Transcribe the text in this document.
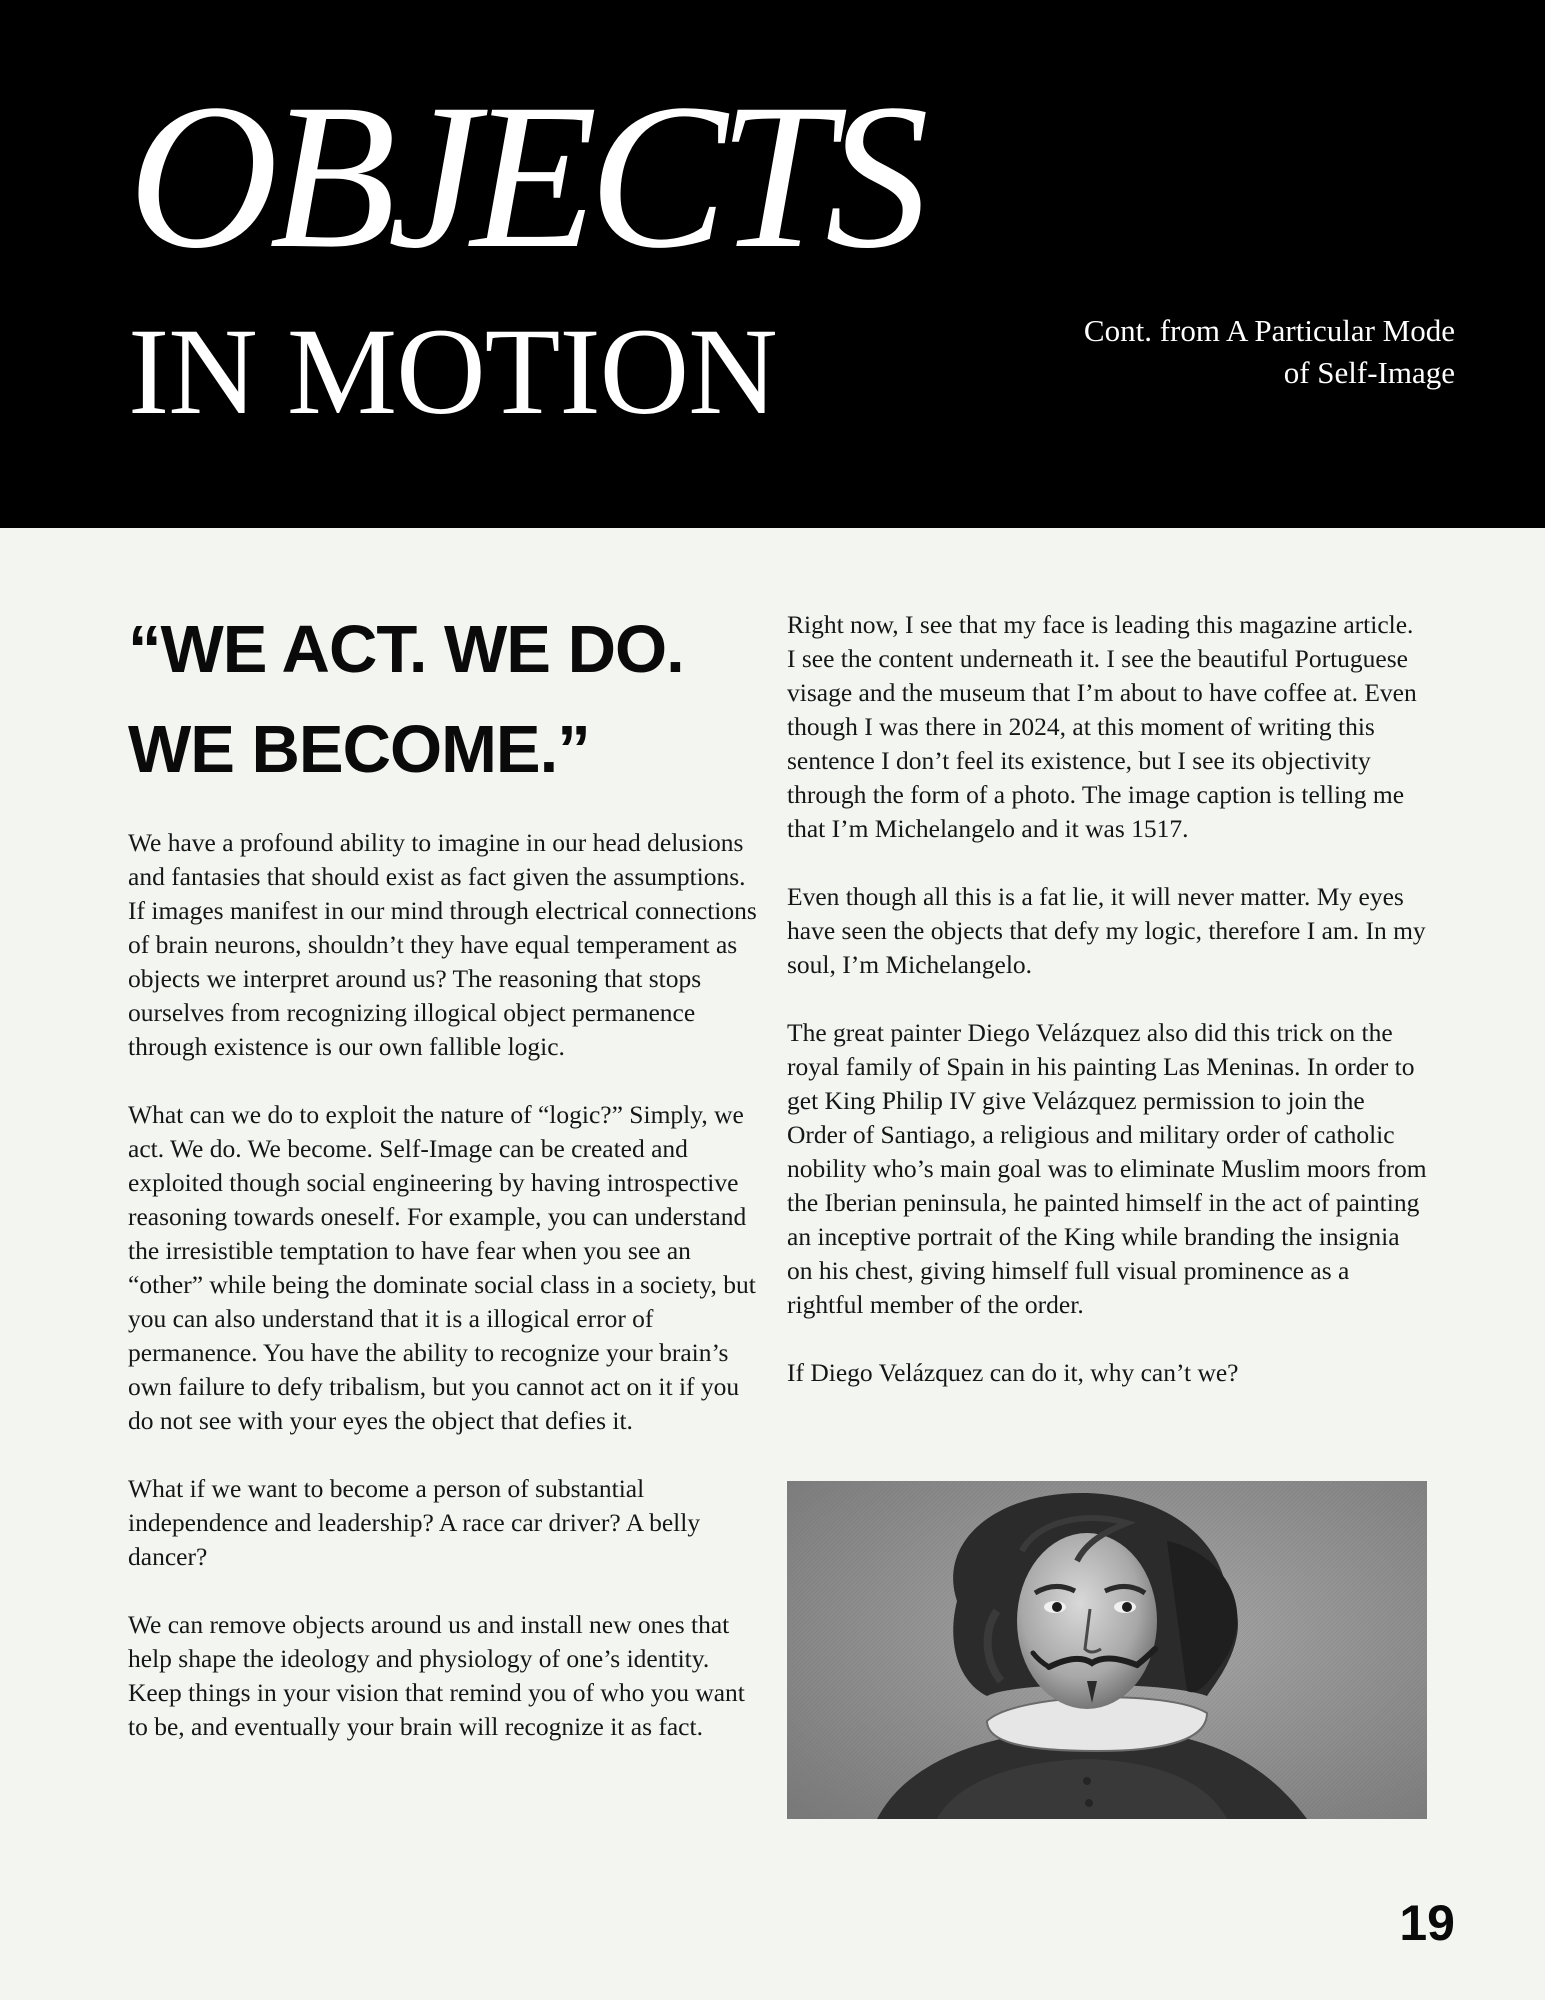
OBJECTS
IN MOTION	Cont. from A Particular Mode
of Self-Image
“WE ACT. WE DO.
WE BECOME.”

We have a profound ability to imagine in our head delusions and fantasies that should exist as fact given the assumptions. If images manifest in our mind through electrical connections of brain neurons, shouldn’t they have equal temperament as objects we interpret around us? The reasoning that stops ourselves from recognizing illogical object permanence through existence is our own fallible logic.

What can we do to exploit the nature of “logic?” Simply, we act. We do. We become. Self-Image can be created and exploited though social engineering by having introspective reasoning towards oneself. For example, you can understand the irresistible temptation to have fear when you see an “other” while being the dominate social class in a society, but you can also understand that it is a illogical error of permanence. You have the ability to recognize your brain’s own failure to defy tribalism, but you cannot act on it if you do not see with your eyes the object that defies it.

What if we want to become a person of substantial independence and leadership? A race car driver? A belly dancer?

We can remove objects around us and install new ones that help shape the ideology and physiology of one’s identity. Keep things in your vision that remind you of who you want to be, and eventually your brain will recognize it as fact.

Right now, I see that my face is leading this magazine article. I see the content underneath it. I see the beautiful Portuguese visage and the museum that I’m about to have coffee at. Even though I was there in 2024, at this moment of writing this sentence I don’t feel its existence, but I see its objectivity through the form of a photo. The image caption is telling me that I’m Michelangelo and it was 1517.

Even though all this is a fat lie, it will never matter. My eyes have seen the objects that defy my logic, therefore I am. In my soul, I’m Michelangelo.

The great painter Diego Velázquez also did this trick on the royal family of Spain in his painting Las Meninas. In order to get King Philip IV give Velázquez permission to join the Order of Santiago, a religious and military order of catholic nobility who’s main goal was to eliminate Muslim moors from the Iberian peninsula, he painted himself in the act of painting an inceptive portrait of the King while branding the insignia on his chest, giving himself full visual prominence as a rightful member of the order.

If Diego Velázquez can do it, why can’t we?

19
